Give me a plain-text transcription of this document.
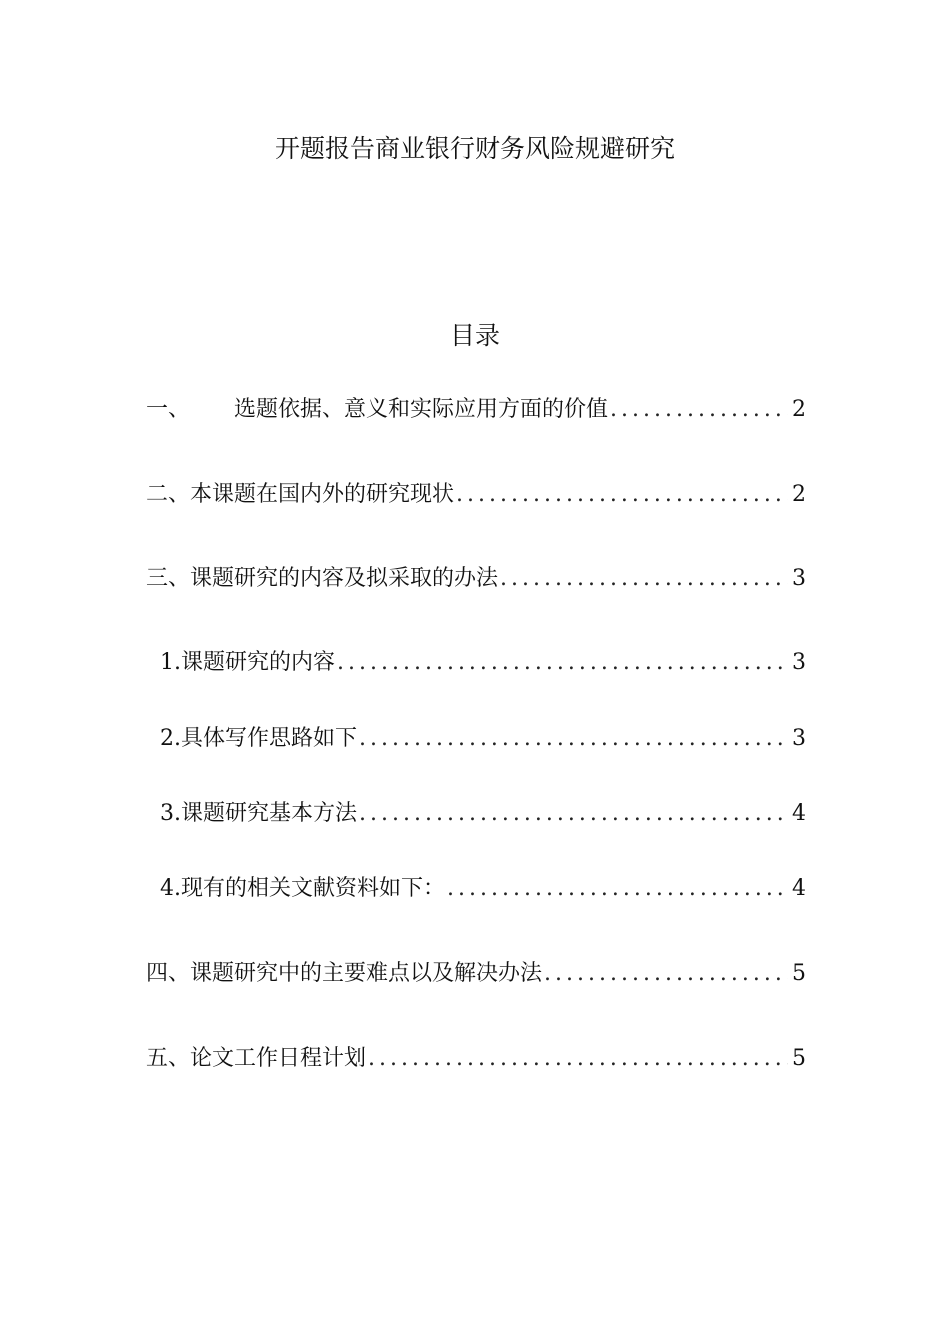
开题报告商业银行财务风险规避研究
目录
一、	选题依据、意义和实际应用方面的价值 .....	2
二、 本课题在国内外的研究现状 .....	2
三、 课题研究的内容及拟采取的办法 .....	3
1. 课题研究的内容 .....	3
2. 具体写作思路如下 .....	3
3. 课题研究基本方法 .....	4
4. 现有的相关文献资料如下： .....	4
四、 课题研究中的主要难点以及解决办法 .....	5
五、 论文工作日程计划 .....	5
